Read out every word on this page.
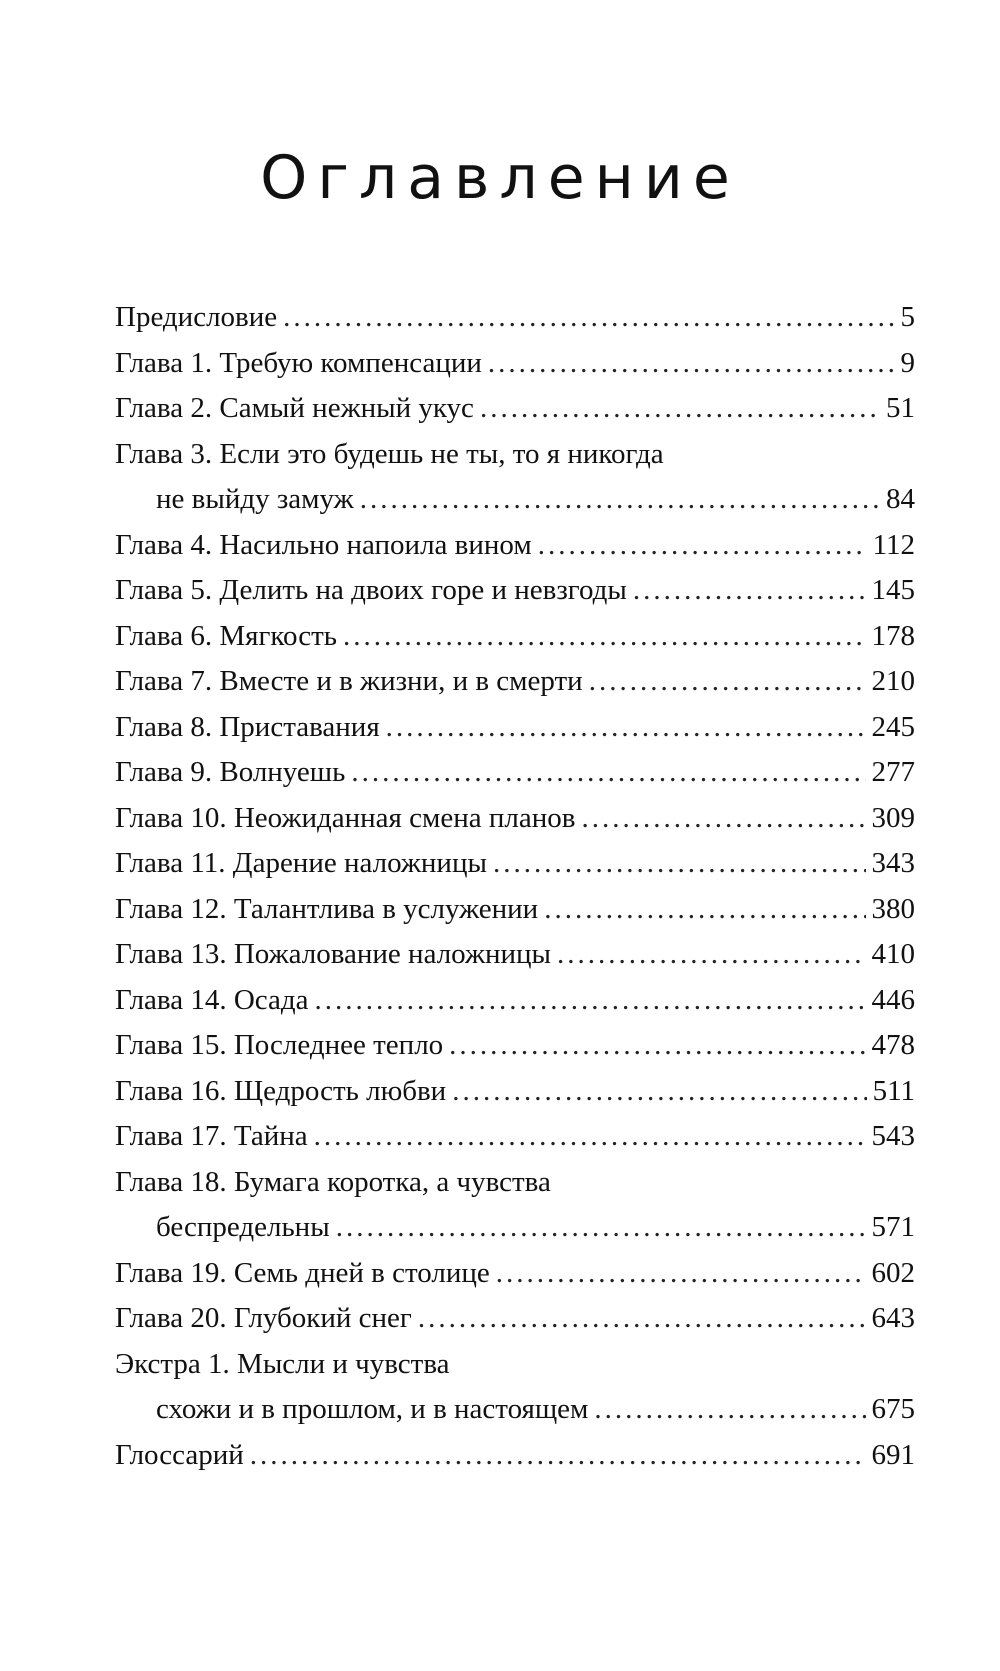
Оглавление
Предисловие .....	5
Глава 1. Требую компенсации .....	9
Глава 2. Самый нежный укус .....	51
Глава 3. Если это будешь не ты, то я никогда
не выйду замуж .....	84
Глава 4. Насильно напоила вином .....	112
Глава 5. Делить на двоих горе и невзгоды .....	145
Глава 6. Мягкость .....	178
Глава 7. Вместе и в жизни, и в смерти .....	210
Глава 8. Приставания .....	245
Глава 9. Волнуешь .....	277
Глава 10. Неожиданная смена планов .....	309
Глава 11. Дарение наложницы .....	343
Глава 12. Талантлива в услужении .....	380
Глава 13. Пожалование наложницы .....	410
Глава 14. Осада .....	446
Глава 15. Последнее тепло .....	478
Глава 16. Щедрость любви .....	511
Глава 17. Тайна .....	543
Глава 18. Бумага коротка, а чувства
беспредельны .....	571
Глава 19. Семь дней в столице .....	602
Глава 20. Глубокий снег .....	643
Экстра 1. Мысли и чувства
схожи и в прошлом, и в настоящем .....	675
Глоссарий .....	691
